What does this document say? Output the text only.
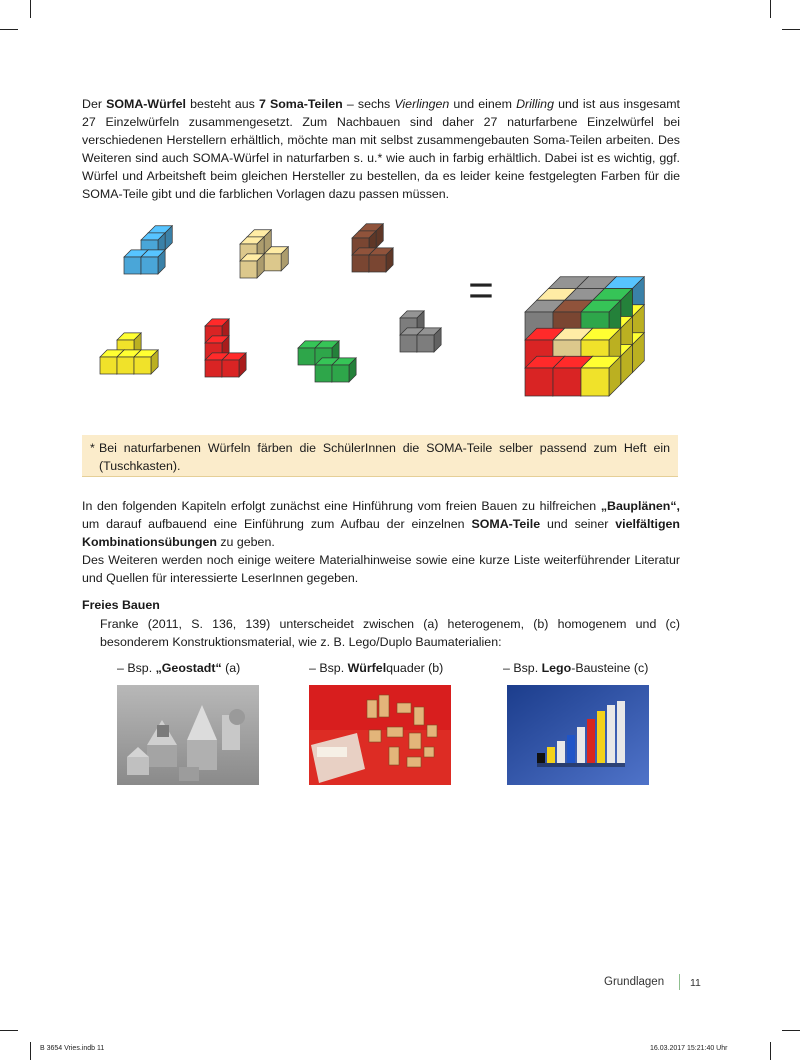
Der SOMA-Würfel besteht aus 7 Soma-Teilen – sechs Vierlingen und einem Drilling und ist aus insgesamt 27 Einzelwürfeln zusammengesetzt. Zum Nachbauen sind daher 27 naturfarbene Einzelwürfel bei verschiedenen Herstellern erhältlich, möchte man mit selbst zusammengebauten Soma-Teilen arbeiten. Des Weiteren sind auch SOMA-Würfel in naturfarben s. u.* wie auch in farbig erhältlich. Dabei ist es wichtig, ggf. Würfel und Arbeitsheft beim gleichen Hersteller zu bestellen, da es leider keine festgelegten Farben für die SOMA-Teile gibt und die farblichen Vorlagen dazu passen müssen.

=
* Bei naturfarbenen Würfeln färben die SchülerInnen die SOMA-Teile selber passend zum Heft ein (Tuschkasten).

In den folgenden Kapiteln erfolgt zunächst eine Hinführung vom freien Bauen zu hilfreichen „Bauplänen“, um darauf aufbauend eine Einführung zum Aufbau der einzelnen SOMA-Teile und seiner vielfältigen Kombinationsübungen zu geben.
Des Weiteren werden noch einige weitere Materialhinweise sowie eine kurze Liste weiterführender Literatur und Quellen für interessierte LeserInnen gegeben.

Freies Bauen

Franke (2011, S. 136, 139) unterscheidet zwischen (a) heterogenem, (b) homogenem und (c) besonderem Konstruktionsmaterial, wie z. B. Lego/Duplo Baumaterialien:

– Bsp. „Geostadt“ (a)	– Bsp. Würfelquader (b)	– Bsp. Lego-Bausteine (c)
Grundlagen 11
B 3654 Vries.indb 11	16.03.2017 15:21:40 Uhr
